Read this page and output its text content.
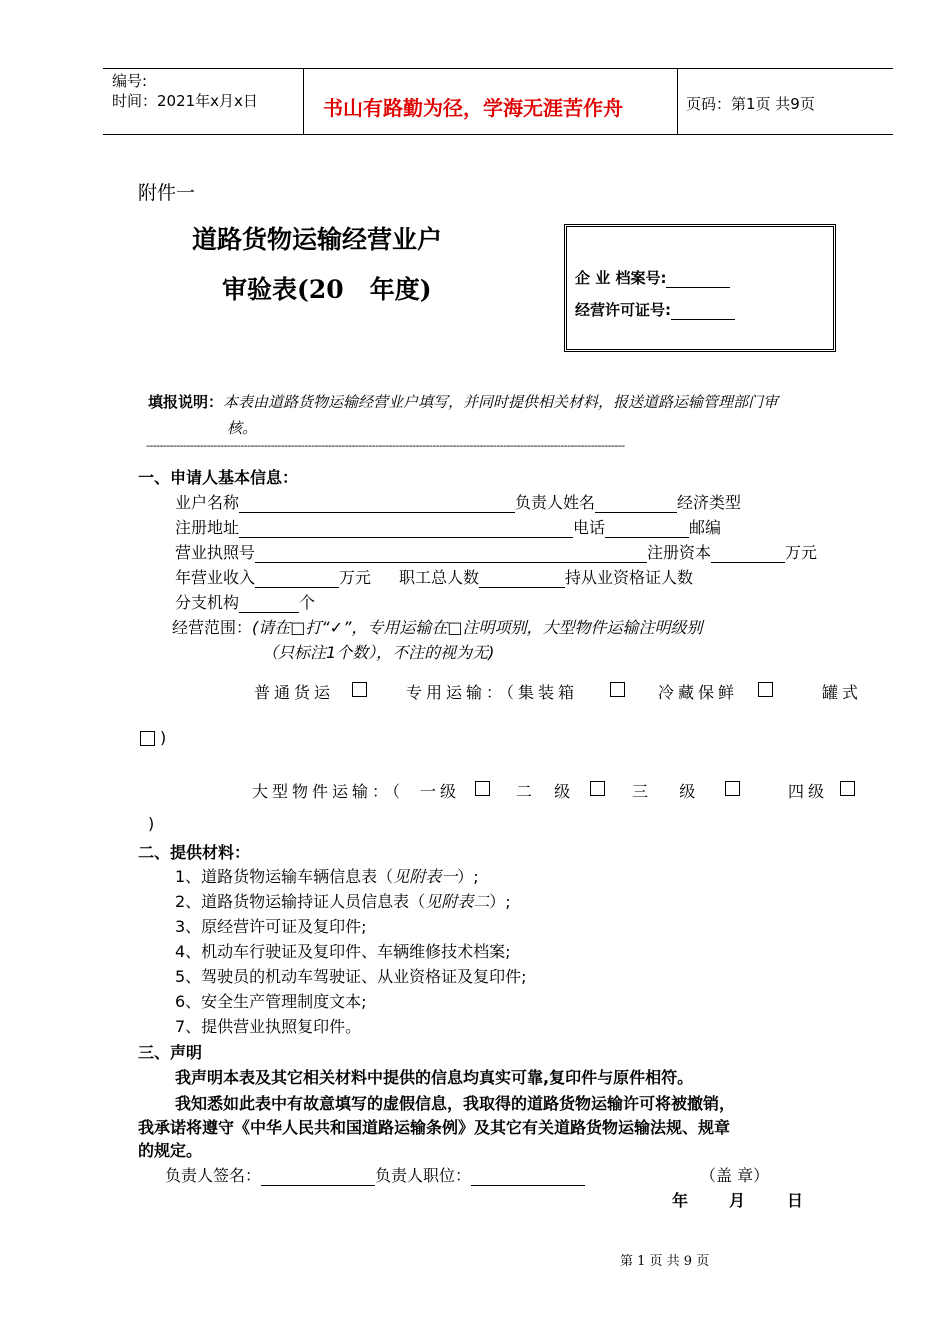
编号:
时间：2021年x月x日	书山有路勤为径，学海无涯苦作舟	页码：第1页 共9页
附件一
道路货物运输经营业户
审验表(20   年度)	企 业 档案号:
经营许可证号:
填报说明：本表由道路货物运输经营业户填写，并同时提供相关材料，报送道路运输管理部门审
核。
----------------------------------------------------------------------------------------------------------------------------------------------
一、申请人基本信息：
业户名称	负责人姓名	经济类型
注册地址	电话	邮编
营业执照号	注册资本	万元
年营业收入	万元 职工总人数	持从业资格证人数
分支机构	个
经营范围：(请在□打“✓”，专用运输在□注明项别，大型物件运输注明级别
（只标注1个数），不注的视为无)
普通货运	专用运输：（集装箱	冷藏保鲜	罐式
)
大型物件运输：（ 一级	二  级	三   级	四级
)
二、提供材料：
1、道路货物运输车辆信息表（见附表一）;
2、道路货物运输持证人员信息表（见附表二）;
3、原经营许可证及复印件;
4、机动车行驶证及复印件、车辆维修技术档案;
5、驾驶员的机动车驾驶证、从业资格证及复印件;
6、安全生产管理制度文本;
7、提供营业执照复印件。
三、声明
我声明本表及其它相关材料中提供的信息均真实可靠,复印件与原件相符。
我知悉如此表中有故意填写的虚假信息，我取得的道路货物运输许可将被撤销，
我承诺将遵守《中华人民共和国道路运输条例》及其它有关道路货物运输法规、规章
的规定。
负责人签名：	负责人职位：	（盖 章）
年	月	日
第 1 页 共 9 页
